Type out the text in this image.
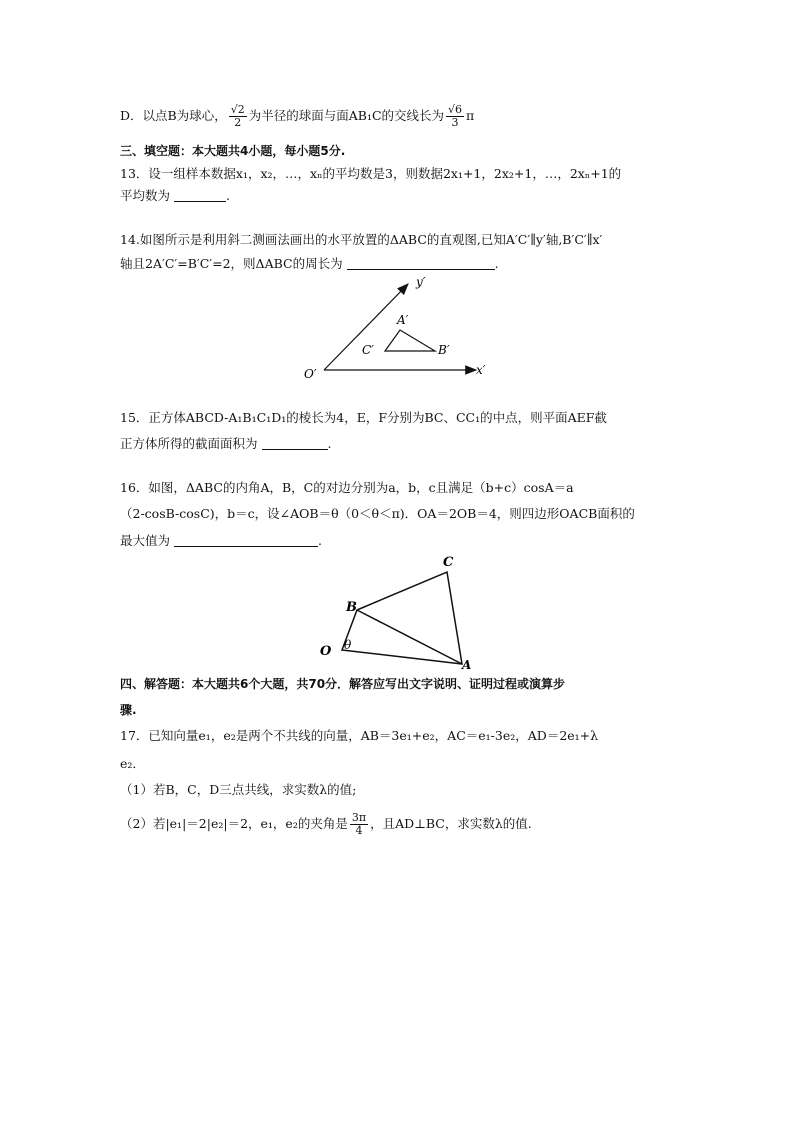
D．以点B为球心， $\frac{√2}{2}$ 为半径的球面与面AB₁C的交线长为 $\frac{√6}{3}$ π
三、填空题：本大题共4小题，每小题5分.
13．设一组样本数据x₁，x₂，…，xₙ的平均数是3，则数据2x₁+1，2x₂+1，…，2xₙ+1的
平均数为	.
14.如图所示是利用斜二测画法画出的水平放置的ΔABC的直观图,已知A′C′∥y′轴,B′C′∥x′
轴且2A′C′=B′C′=2，则ΔABC的周长为	.
y′
x′
O′
A′
B′
C′
15．正方体ABCD-A₁B₁C₁D₁的棱长为4，E，F分别为BC、CC₁的中点，则平面AEF截
正方体所得的截面面积为	.
16．如图，ΔABC的内角A，B，C的对边分别为a，b，c且满足（b+c）cosA＝a
（2-cosB-cosC)，b＝c，设∠AOB＝θ（0＜θ＜π)．OA＝2OB＝4，则四边形OACB面积的
最大值为	.
C
B
O
A
θ
四、解答题：本大题共6个大题，共70分．解答应写出文字说明、证明过程或演算步
骤.
17．已知向量e₁，e₂是两个不共线的向量，AB＝3e₁+e₂，AC＝e₁-3e₂，AD＝2e₁+λ
e₂．
（1）若B，C，D三点共线，求实数λ的值;
（2）若|e₁|＝2|e₂|＝2，e₁，e₂的夹角是 $\frac{3\pi}{4}$ ，且AD⊥BC，求实数λ的值.
